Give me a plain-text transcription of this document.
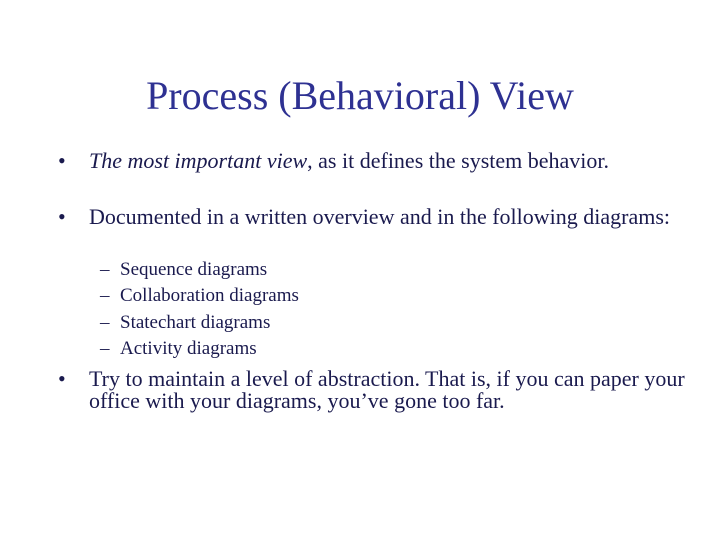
Process (Behavioral) View
•	The most important view, as it defines the system behavior.
•	Documented in a written overview and in the following diagrams:
– Sequence diagrams
– Collaboration diagrams
– Statechart diagrams
– Activity diagrams
•	Try to maintain a level of abstraction. That is, if you can paper your office with your diagrams, you’ve gone too far.
